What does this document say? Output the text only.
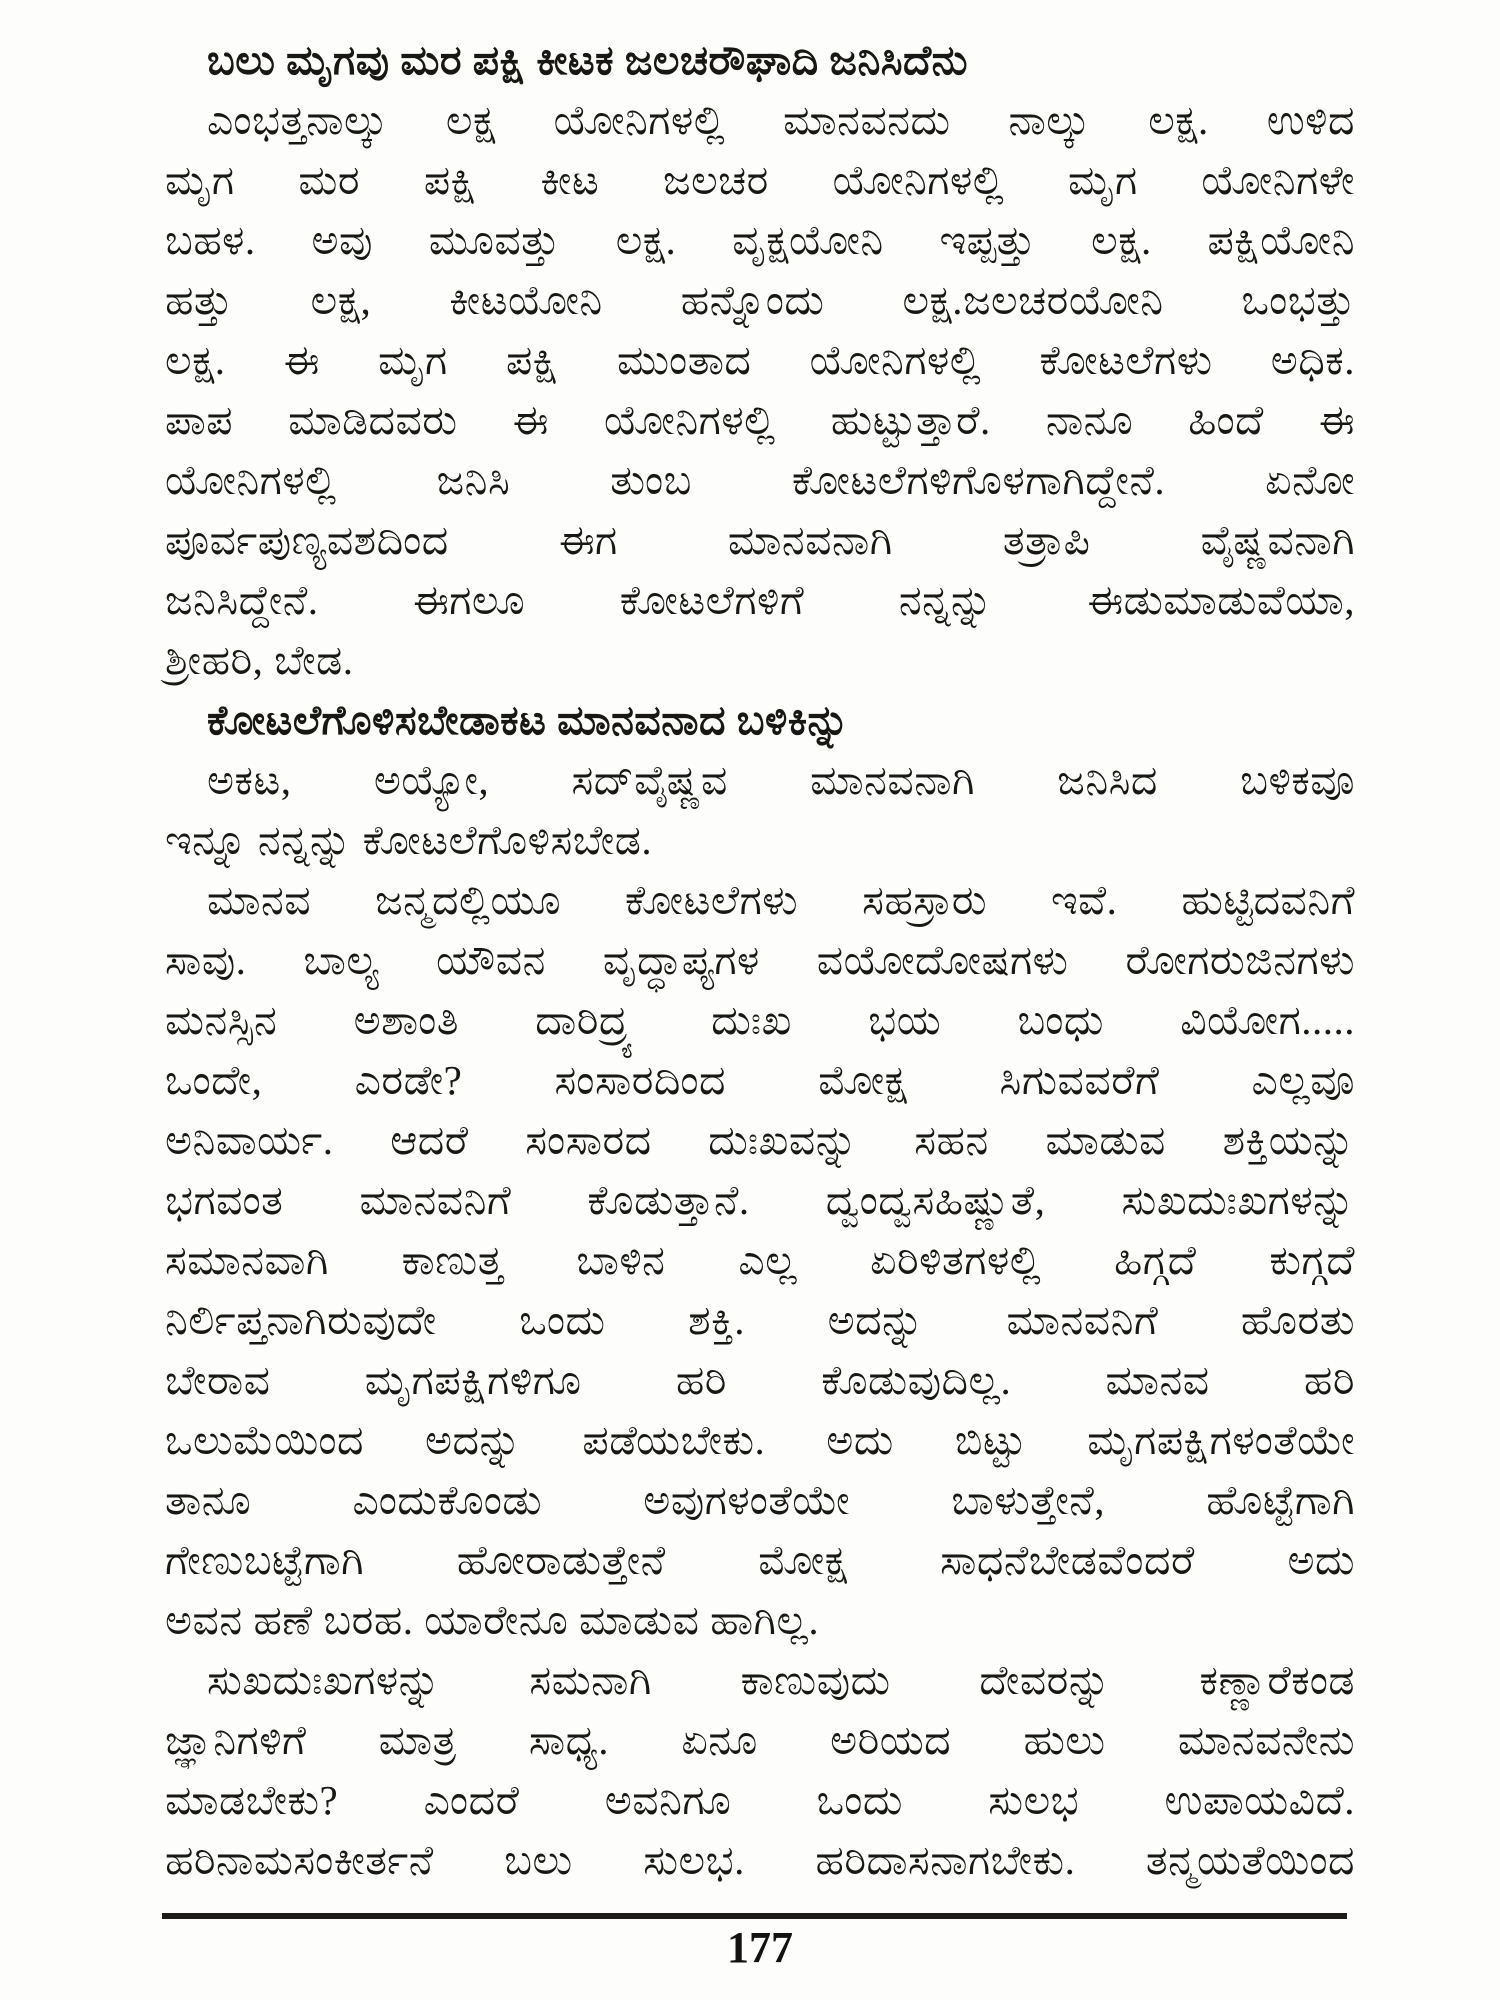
ಬಲು ಮೃಗವು ಮರ ಪಕ್ಷಿ ಕೀಟಕ ಜಲಚರೌಘಾದಿ ಜನಿಸಿದೆನು
ಎಂಭತ್ತನಾಲ್ಕು ಲಕ್ಷ ಯೋನಿಗಳಲ್ಲಿ ಮಾನವನದು ನಾಲ್ಕು ಲಕ್ಷ. ಉಳಿದ
ಮೃಗ ಮರ ಪಕ್ಷಿ ಕೀಟ ಜಲಚರ ಯೋನಿಗಳಲ್ಲಿ ಮೃಗ ಯೋನಿಗಳೇ
ಬಹಳ. ಅವು ಮೂವತ್ತು ಲಕ್ಷ. ವೃಕ್ಷಯೋನಿ ಇಪ್ಪತ್ತು ಲಕ್ಷ. ಪಕ್ಷಿಯೋನಿ
ಹತ್ತು ಲಕ್ಷ, ಕೀಟಯೋನಿ ಹನ್ನೊಂದು ಲಕ್ಷ.ಜಲಚರಯೋನಿ ಒಂಭತ್ತು
ಲಕ್ಷ. ಈ ಮೃಗ ಪಕ್ಷಿ ಮುಂತಾದ ಯೋನಿಗಳಲ್ಲಿ ಕೋಟಲೆಗಳು ಅಧಿಕ.
ಪಾಪ ಮಾಡಿದವರು ಈ ಯೋನಿಗಳಲ್ಲಿ ಹುಟ್ಟುತ್ತಾರೆ. ನಾನೂ ಹಿಂದೆ ಈ
ಯೋನಿಗಳಲ್ಲಿ ಜನಿಸಿ ತುಂಬ ಕೋಟಲೆಗಳಿಗೊಳಗಾಗಿದ್ದೇನೆ. ಏನೋ
ಪೂರ್ವಪುಣ್ಯವಶದಿಂದ ಈಗ ಮಾನವನಾಗಿ ತತ್ರಾಪಿ ವೈಷ್ಣವನಾಗಿ
ಜನಿಸಿದ್ದೇನೆ. ಈಗಲೂ ಕೋಟಲೆಗಳಿಗೆ ನನ್ನನ್ನು ಈಡುಮಾಡುವೆಯಾ,
ಶ್ರೀಹರಿ, ಬೇಡ.
ಕೋಟಲೆಗೊಳಿಸಬೇಡಾಕಟ ಮಾನವನಾದ ಬಳಿಕಿನ್ನು
ಅಕಟ, ಅಯ್ಯೋ, ಸದ್‌ವೈಷ್ಣವ ಮಾನವನಾಗಿ ಜನಿಸಿದ ಬಳಿಕವೂ
ಇನ್ನೂ ನನ್ನನ್ನು ಕೋಟಲೆಗೊಳಿಸಬೇಡ.
ಮಾನವ ಜನ್ಮದಲ್ಲಿಯೂ ಕೋಟಲೆಗಳು ಸಹಸ್ರಾರು ಇವೆ. ಹುಟ್ಟಿದವನಿಗೆ
ಸಾವು. ಬಾಲ್ಯ ಯೌವನ ವೃದ್ಧಾಪ್ಯಗಳ ವಯೋದೋಷಗಳು ರೋಗರುಜಿನಗಳು
ಮನಸ್ಸಿನ ಅಶಾಂತಿ ದಾರಿದ್ರ್ಯ ದುಃಖ ಭಯ ಬಂಧು ವಿಯೋಗ.....
ಒಂದೇ, ಎರಡೇ? ಸಂಸಾರದಿಂದ ಮೋಕ್ಷ ಸಿಗುವವರೆಗೆ ಎಲ್ಲವೂ
ಅನಿವಾರ್ಯ. ಆದರೆ ಸಂಸಾರದ ದುಃಖವನ್ನು ಸಹನ ಮಾಡುವ ಶಕ್ತಿಯನ್ನು
ಭಗವಂತ ಮಾನವನಿಗೆ ಕೊಡುತ್ತಾನೆ. ದ್ವಂದ್ವಸಹಿಷ್ಣುತೆ, ಸುಖದುಃಖಗಳನ್ನು
ಸಮಾನವಾಗಿ ಕಾಣುತ್ತ ಬಾಳಿನ ಎಲ್ಲ ಏರಿಳಿತಗಳಲ್ಲಿ ಹಿಗ್ಗದೆ ಕುಗ್ಗದೆ
ನಿರ್ಲಿಪ್ತನಾಗಿರುವುದೇ ಒಂದು ಶಕ್ತಿ. ಅದನ್ನು ಮಾನವನಿಗೆ ಹೊರತು
ಬೇರಾವ ಮೃಗಪಕ್ಷಿಗಳಿಗೂ ಹರಿ ಕೊಡುವುದಿಲ್ಲ. ಮಾನವ ಹರಿ
ಒಲುಮೆಯಿಂದ ಅದನ್ನು ಪಡೆಯಬೇಕು. ಅದು ಬಿಟ್ಟು ಮೃಗಪಕ್ಷಿಗಳಂತೆಯೇ
ತಾನೂ ಎಂದುಕೊಂಡು ಅವುಗಳಂತೆಯೇ ಬಾಳುತ್ತೇನೆ, ಹೊಟ್ಟೆಗಾಗಿ
ಗೇಣುಬಟ್ಟೆಗಾಗಿ ಹೋರಾಡುತ್ತೇನೆ ಮೋಕ್ಷ ಸಾಧನೆಬೇಡವೆಂದರೆ ಅದು
ಅವನ ಹಣೆ ಬರಹ. ಯಾರೇನೂ ಮಾಡುವ ಹಾಗಿಲ್ಲ.
ಸುಖದುಃಖಗಳನ್ನು ಸಮನಾಗಿ ಕಾಣುವುದು ದೇವರನ್ನು ಕಣ್ಣಾರೆಕಂಡ
ಜ್ಞಾನಿಗಳಿಗೆ ಮಾತ್ರ ಸಾಧ್ಯ. ಏನೂ ಅರಿಯದ ಹುಲು ಮಾನವನೇನು
ಮಾಡಬೇಕು? ಎಂದರೆ ಅವನಿಗೂ ಒಂದು ಸುಲಭ ಉಪಾಯವಿದೆ.
ಹರಿನಾಮಸಂಕೀರ್ತನೆ ಬಲು ಸುಲಭ. ಹರಿದಾಸನಾಗಬೇಕು. ತನ್ಮಯತೆಯಿಂದ
177
